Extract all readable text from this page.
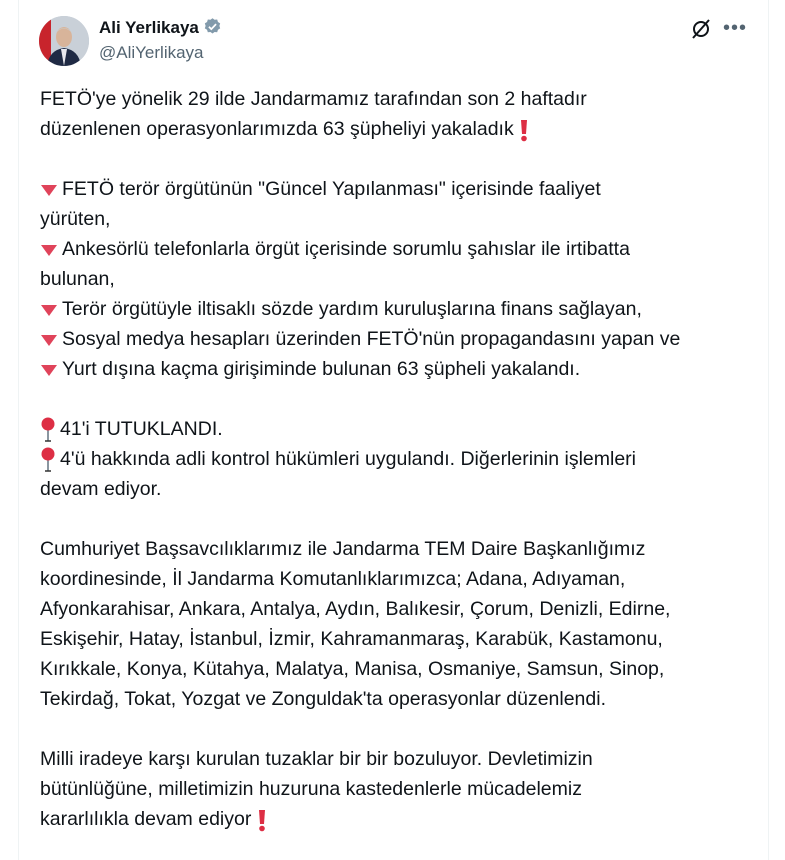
Ali Yerlikaya
@AliYerlikaya
•••
FETÖ'ye yönelik 29 ilde Jandarmamız tarafından son 2 haftadır
düzenlenen operasyonlarımızda 63 şüpheliyi yakaladık
FETÖ terör örgütünün "Güncel Yapılanması" içerisinde faaliyet
yürüten,
Ankesörlü telefonlarla örgüt içerisinde sorumlu şahıslar ile irtibatta
bulunan,
Terör örgütüyle iltisaklı sözde yardım kuruluşlarına finans sağlayan,
Sosyal medya hesapları üzerinden FETÖ'nün propagandasını yapan ve
Yurt dışına kaçma girişiminde bulunan 63 şüpheli yakalandı.
41'i TUTUKLANDI.
4'ü hakkında adli kontrol hükümleri uygulandı. Diğerlerinin işlemleri
devam ediyor.
Cumhuriyet Başsavcılıklarımız ile Jandarma TEM Daire Başkanlığımız
koordinesinde, İl Jandarma Komutanlıklarımızca; Adana, Adıyaman,
Afyonkarahisar, Ankara, Antalya, Aydın, Balıkesir, Çorum, Denizli, Edirne,
Eskişehir, Hatay, İstanbul, İzmir, Kahramanmaraş, Karabük, Kastamonu,
Kırıkkale, Konya, Kütahya, Malatya, Manisa, Osmaniye, Samsun, Sinop,
Tekirdağ, Tokat, Yozgat ve Zonguldak'ta operasyonlar düzenlendi.
Milli iradeye karşı kurulan tuzaklar bir bir bozuluyor. Devletimizin
bütünlüğüne, milletimizin huzuruna kastedenlerle mücadelemiz
kararlılıkla devam ediyor
